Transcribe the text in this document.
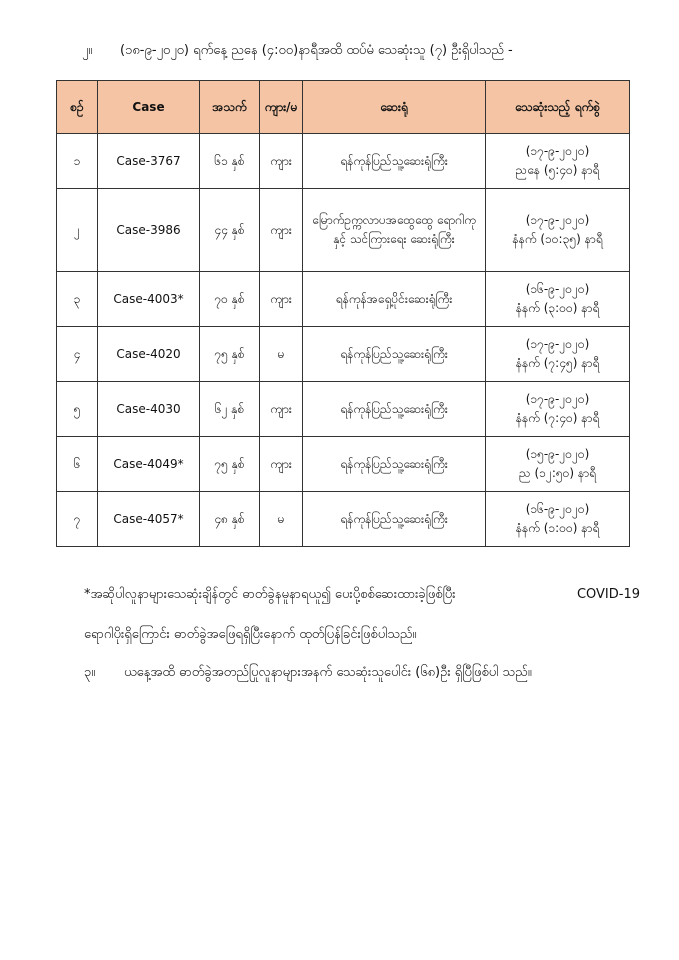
၂။ (၁၈-၉-၂၀၂၀) ရက်နေ့ ညနေ (၄:၀၀)နာရီအထိ ထပ်မံ သေဆုံးသူ (၇) ဦးရှိပါသည် -
စဉ်	Case	အသက်	ကျား/မ	ဆေးရုံ	သေဆုံးသည့် ရက်စွဲ
၁	Case-3767	၆၁ နှစ်	ကျား	ရန်ကုန်ပြည်သူ့ဆေးရုံကြီး	(၁၇-၉-၂၀၂၀)
ညနေ (၅:၄၀) နာရီ

၂	Case-3986	၄၄ နှစ်	ကျား	မြောက်ဥက္ကလာပအထွေထွေ ရောဂါကုနှင့် သင်ကြားရေး ဆေးရုံကြီး	(၁၇-၉-၂၀၂၀)
နံနက် (၁၀:၃၅) နာရီ

၃	Case-4003*	၇၀ နှစ်	ကျား	ရန်ကုန်အရှေ့ပိုင်းဆေးရုံကြီး	(၁၆-၉-၂၀၂၀)
နံနက် (၃:၀၀) နာရီ

၄	Case-4020	၇၅ နှစ်	မ	ရန်ကုန်ပြည်သူ့ဆေးရုံကြီး	(၁၇-၉-၂၀၂၀)
နံနက် (၇:၄၅) နာရီ

၅	Case-4030	၆၂ နှစ်	ကျား	ရန်ကုန်ပြည်သူ့ဆေးရုံကြီး	(၁၇-၉-၂၀၂၀)
နံနက် (၇:၄၀) နာရီ

၆	Case-4049*	၇၅ နှစ်	ကျား	ရန်ကုန်ပြည်သူ့ဆေးရုံကြီး	(၁၅-၉-၂၀၂၀)
ည (၁၂:၅၀) နာရီ

၇	Case-4057*	၄၈ နှစ်	မ	ရန်ကုန်ပြည်သူ့ဆေးရုံကြီး	(၁၆-၉-၂၀၂၀)
နံနက် (၁:၀၀) နာရီ
*အဆိုပါလူနာများသေဆုံးချိန်တွင် ဓာတ်ခွဲနမူနာရယူ၍ ပေးပို့စစ်ဆေးထားခဲ့ဖြစ်ပြီး	COVID-19
ရောဂါပိုးရှိကြောင်း ဓာတ်ခွဲအဖြေရရှိပြီးနောက် ထုတ်ပြန်ခြင်းဖြစ်ပါသည်။
၃။ ယနေ့အထိ ဓာတ်ခွဲအတည်ပြုလူနာများအနက် သေဆုံးသူပေါင်း (၆၈)ဦး ရှိပြီဖြစ်ပါ သည်။
